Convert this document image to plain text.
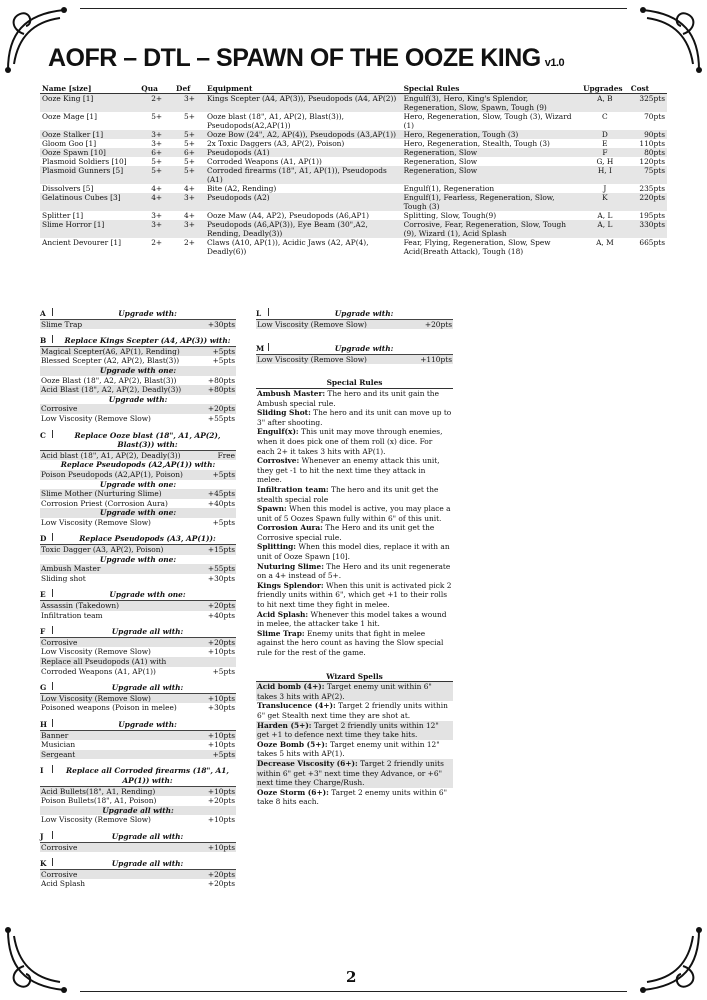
AOFR – DTL – SPAWN OF THE OOZE KING v1.0
Name [size]	Qua	Def	Equipment	Special Rules	Upgrades	Cost
Ooze King [1]	2+	3+	Kings Scepter (A4, AP(3)), Pseudopods (A4, AP(2))	Engulf(3), Hero, King's Splendor, Regeneration, Slow, Spawn, Tough (9)	A, B	325pts
Ooze Mage [1]	5+	5+	Ooze blast (18", A1, AP(2), Blast(3)), Pseudopods(A2,AP(1))	Hero, Regeneration, Slow, Tough (3), Wizard (1)	C	70pts
Ooze Stalker [1]	3+	5+	Ooze Bow (24", A2, AP(4)), Pseudopods (A3,AP(1))	Hero, Regeneration, Tough (3)	D	90pts
Gloom Goo [1]	3+	5+	2x Toxic Daggers (A3, AP(2), Poison)	Hero, Regeneration, Stealth, Tough (3)	E	110pts
Ooze Spawn [10]	6+	6+	Pseudopods (A1)	Regeneration, Slow	F	80pts
Plasmoid Soldiers [10]	5+	5+	Corroded Weapons (A1, AP(1))	Regeneration, Slow	G, H	120pts
Plasmoid Gunners [5]	5+	5+	Corroded firearms (18", A1, AP(1)), Pseudopods (A1)	Regeneration, Slow	H, I	75pts
Dissolvers [5]	4+	4+	Bite (A2, Rending)	Engulf(1), Regeneration	J	235pts
Gelatinous Cubes [3]	4+	3+	Pseudopods (A2)	Engulf(1), Fearless, Regeneration, Slow, Tough (3)	K	220pts
Splitter [1]	3+	4+	Ooze Maw (A4, AP2), Pseudopods (A6,AP1)	Splitting, Slow, Tough(9)	A, L	195pts
Slime Horror [1]	3+	3+	Pseudopods (A6,AP(3)), Eye Beam (30",A2, Rending, Deadly(3))	Corrosive, Fear, Regeneration, Slow, Tough (9), Wizard (1), Acid Splash	A, L	330pts
Ancient Devourer [1]	2+	2+	Claws (A10, AP(1)), Acidic Jaws (A2, AP(4), Deadly(6))	Fear, Flying, Regeneration, Slow, Spew Acid(Breath Attack), Tough (18)	A, M	665pts
A	Upgrade with:
Slime Trap	+30pts
B	Replace Kings Scepter (A4, AP(3)) with:
Magical Scepter(A6, AP(1), Rending)	+5pts
Blessed Scepter (A2, AP(2), Blast(3))	+5pts
Upgrade with one:
Ooze Blast (18", A2, AP(2), Blast(3))	+80pts
Acid Blast (18", A2, AP(2), Deadly(3))	+80pts
Upgrade with:
Corrosive	+20pts
Low Viscosity (Remove Slow)	+55pts
C	Replace Ooze blast (18", A1, AP(2), Blast(3)) with:
Acid blast (18", A1, AP(2), Deadly(3))	Free
Replace Pseudopods (A2,AP(1)) with:
Poison Pseudopods (A2,AP(1), Poison)	+5pts
Upgrade with one:
Slime Mother (Nurturing Slime)	+45pts
Corrosion Priest (Corrosion Aura)	+40pts
Upgrade with one:
Low Viscosity (Remove Slow)	+5pts
D	Replace Pseudopods (A3, AP(1)):
Toxic Dagger (A3, AP(2), Poison)	+15pts
Upgrade with one:
Ambush Master	+55pts
Sliding shot	+30pts
E	Upgrade with one:
Assassin (Takedown)	+20pts
Infiltration team	+40pts
F	Upgrade all with:
Corrosive	+20pts
Low Viscosity (Remove Slow)	+10pts
Replace all Pseudopods (A1) with
Corroded Weapons (A1, AP(1))	+5pts
G	Upgrade all with:
Low Viscosity (Remove Slow)	+10pts
Poisoned weapons (Poison in melee)	+30pts
H	Upgrade with:
Banner	+10pts
Musician	+10pts
Sergeant	+5pts
I	Replace all Corroded firearms (18", A1, AP(1)) with:
Acid Bullets(18", A1, Rending)	+10pts
Poison Bullets(18", A1, Poison)	+20pts
Upgrade all with:
Low Viscosity (Remove Slow)	+10pts
J	Upgrade all with:
Corrosive	+10pts
K	Upgrade all with:
Corrosive	+20pts
Acid Splash	+20pts
L	Upgrade with:
Low Viscosity (Remove Slow)	+20pts
M	Upgrade with:
Low Viscosity (Remove Slow)	+110pts
Special Rules
Ambush Master: The hero and its unit gain the Ambush special rule.
Sliding Shot: The hero and its unit can move up to 3" after shooting.
Engulf(x): This unit may move through enemies, when it does pick one of them roll (x) dice. For each 2+ it takes 3 hits with AP(1).
Corrosive: Whenever an enemy attack this unit, they get -1 to hit the next time they attack in melee.
Infiltration team: The hero and its unit get the stealth special role
Spawn: When this model is active, you may place a unit of 5 Oozes Spawn fully within 6" of this unit.
Corrosion Aura: The Hero and its unit get the Corrosive special rule.
Splitting: When this model dies, replace it with an unit of Ooze Spawn [10].
Nuturing Slime: The Hero and its unit regenerate on a 4+ instead of 5+.
Kings Splendor: When this unit is activated pick 2 friendly units within 6", which get +1 to their rolls to hit next time they fight in melee.
Acid Splash: Whenever this model takes a wound in melee, the attacker take 1 hit.
Slime Trap: Enemy units that fight in melee against the hero count as having the Slow special rule for the rest of the game.
Wizard Spells
Acid bomb (4+): Target enemy unit within 6" takes 3 hits with AP(2).
Translucence (4+): Target 2 friendly units within 6" get Stealth next time they are shot at.
Harden (5+): Target 2 friendly units within 12" get +1 to defence next time they take hits.
Ooze Bomb (5+): Target enemy unit within 12" takes 5 hits with AP(1).
Decrease Viscosity (6+): Target 2 friendly units within 6" get +3" next time they Advance, or +6" next time they Charge/Rush.
Ooze Storm (6+): Target 2 enemy units within 6" take 8 hits each.
2
